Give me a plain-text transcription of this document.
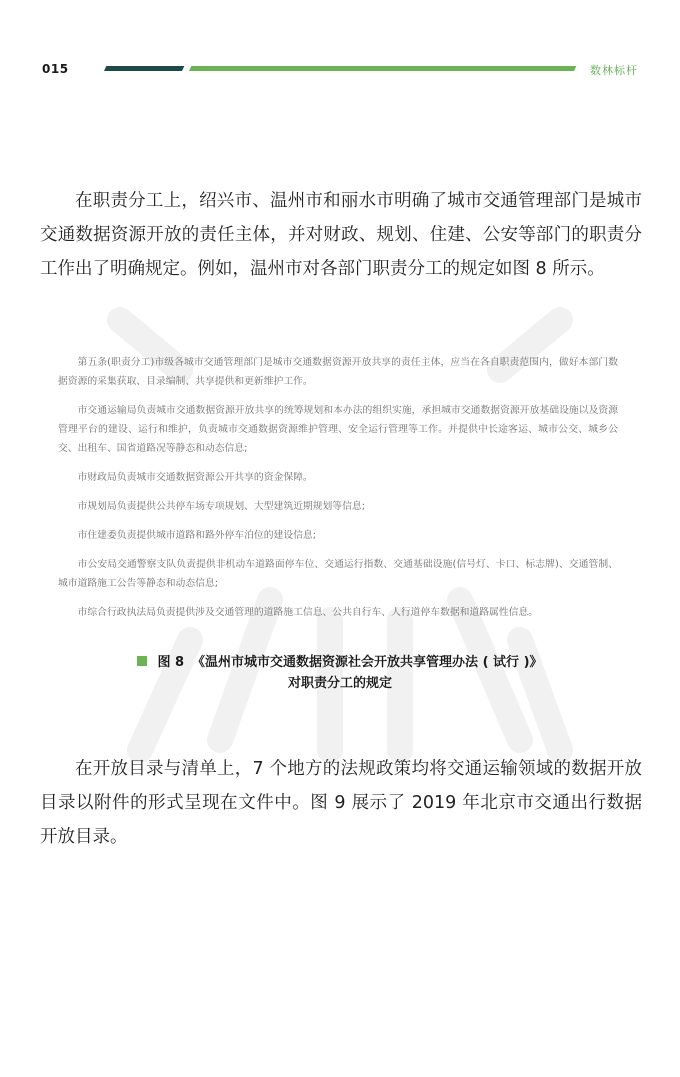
015	数林标杆
在职责分工上，绍兴市、温州市和丽水市明确了城市交通管理部门是城市交通数据资源开放的责任主体，并对财政、规划、住建、公安等部门的职责分工作出了明确规定。例如，温州市对各部门职责分工的规定如图 8 所示。

第五条(职责分工)市级各城市交通管理部门是城市交通数据资源开放共享的责任主体，应当在各自职责范围内，做好本部门数据资源的采集获取、目录编制、共享提供和更新维护工作。

市交通运输局负责城市交通数据资源开放共享的统筹规划和本办法的组织实施，承担城市交通数据资源开放基础设施以及资源管理平台的建设、运行和维护，负责城市交通数据资源维护管理、安全运行管理等工作。并提供中长途客运、城市公交、城乡公交、出租车、国省道路况等静态和动态信息;

市财政局负责城市交通数据资源公开共享的资金保障。

市规划局负责提供公共停车场专项规划、大型建筑近期规划等信息;

市住建委负责提供城市道路和路外停车泊位的建设信息;

市公安局交通警察支队负责提供非机动车道路面停车位、交通运行指数、交通基础设施(信号灯、卡口、标志牌)、交通管制、城市道路施工公告等静态和动态信息;

市综合行政执法局负责提供涉及交通管理的道路施工信息、公共自行车、人行道停车数据和道路属性信息。

图 8 《温州市城市交通数据资源社会开放共享管理办法 ( 试行 )》
对职责分工的规定
在开放目录与清单上，7 个地方的法规政策均将交通运输领域的数据开放目录以附件的形式呈现在文件中。图 9 展示了 2019 年北京市交通出行数据开放目录。
